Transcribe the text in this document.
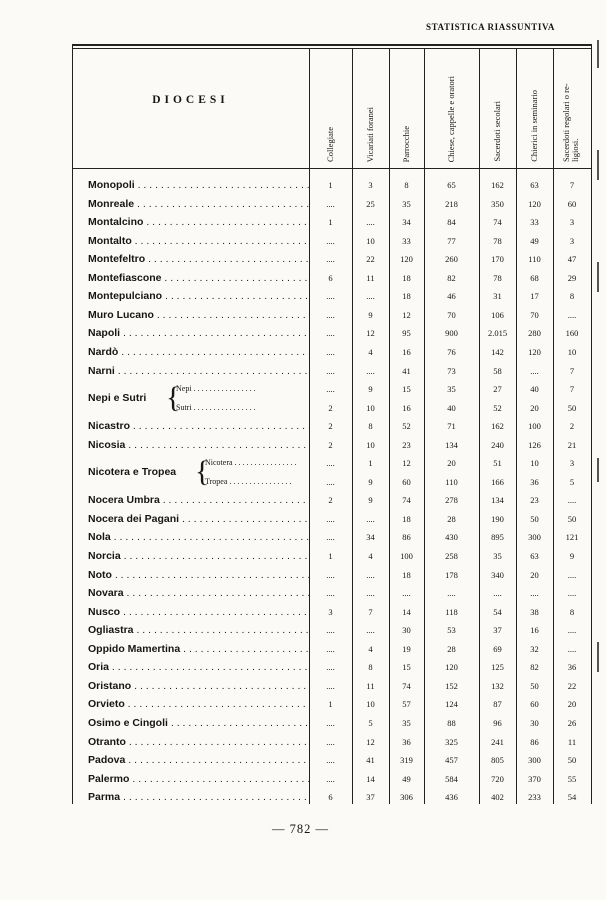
STATISTICA RIASSUNTIVA
DIOCESI
Collegiate	Vicariati foranei	Parrocchie	Chiese, cappelle e oratori	Sacerdoti secolari	Chierici in seminario	Sacerdoti regolari o re-ligiosi.
Monopoli . . .	1	3	8	65	162	63	7
Monreale . . .	....	25	35	218	350	120	60
Montalcino . . .	1	....	34	84	74	33	3
Montalto . . .	....	10	33	77	78	49	3
Montefeltro . . .	....	22	120	260	170	110	47
Montefiascone . . .	6	11	18	82	78	68	29
Montepulciano . . .	....	....	18	46	31	17	8
Muro Lucano . . .	....	9	12	70	106	70	....
Napoli . . .	....	12	95	900	2.015	280	160
Nardò . . .	....	4	16	76	142	120	10
Narni . . .	....	....	41	73	58	....	7
Nepi e Sutri {
Nepi . . .	....	9	15	35	27	40	7
Sutri . . .	2	10	16	40	52	20	50
Nicastro . . .	2	8	52	71	162	100	2
Nicosia . . .	2	10	23	134	240	126	21
Nicotera e Tropea {
Nicotera . . .	....	1	12	20	51	10	3
Tropea . . .	....	9	60	110	166	36	5
Nocera Umbra . . .	2	9	74	278	134	23	....
Nocera dei Pagani . . .	....	....	18	28	190	50	50
Nola . . .	....	34	86	430	895	300	121
Norcia . . .	1	4	100	258	35	63	9
Noto . . .	....	....	18	178	340	20	....
Novara . . .	....	....	....	....	....	....	....
Nusco . . .	3	7	14	118	54	38	8
Ogliastra . . .	....	....	30	53	37	16	....
Oppido Mamertina . . .	....	4	19	28	69	32	....
Oria . . .	....	8	15	120	125	82	36
Oristano . . .	....	11	74	152	132	50	22
Orvieto . . .	1	10	57	124	87	60	20
Osimo e Cingoli . . .	....	5	35	88	96	30	26
Otranto . . .	....	12	36	325	241	86	11
Padova . . .	....	41	319	457	805	300	50
Palermo . . .	....	14	49	584	720	370	55
Parma . . .	6	37	306	436	402	233	54
— 782 —
